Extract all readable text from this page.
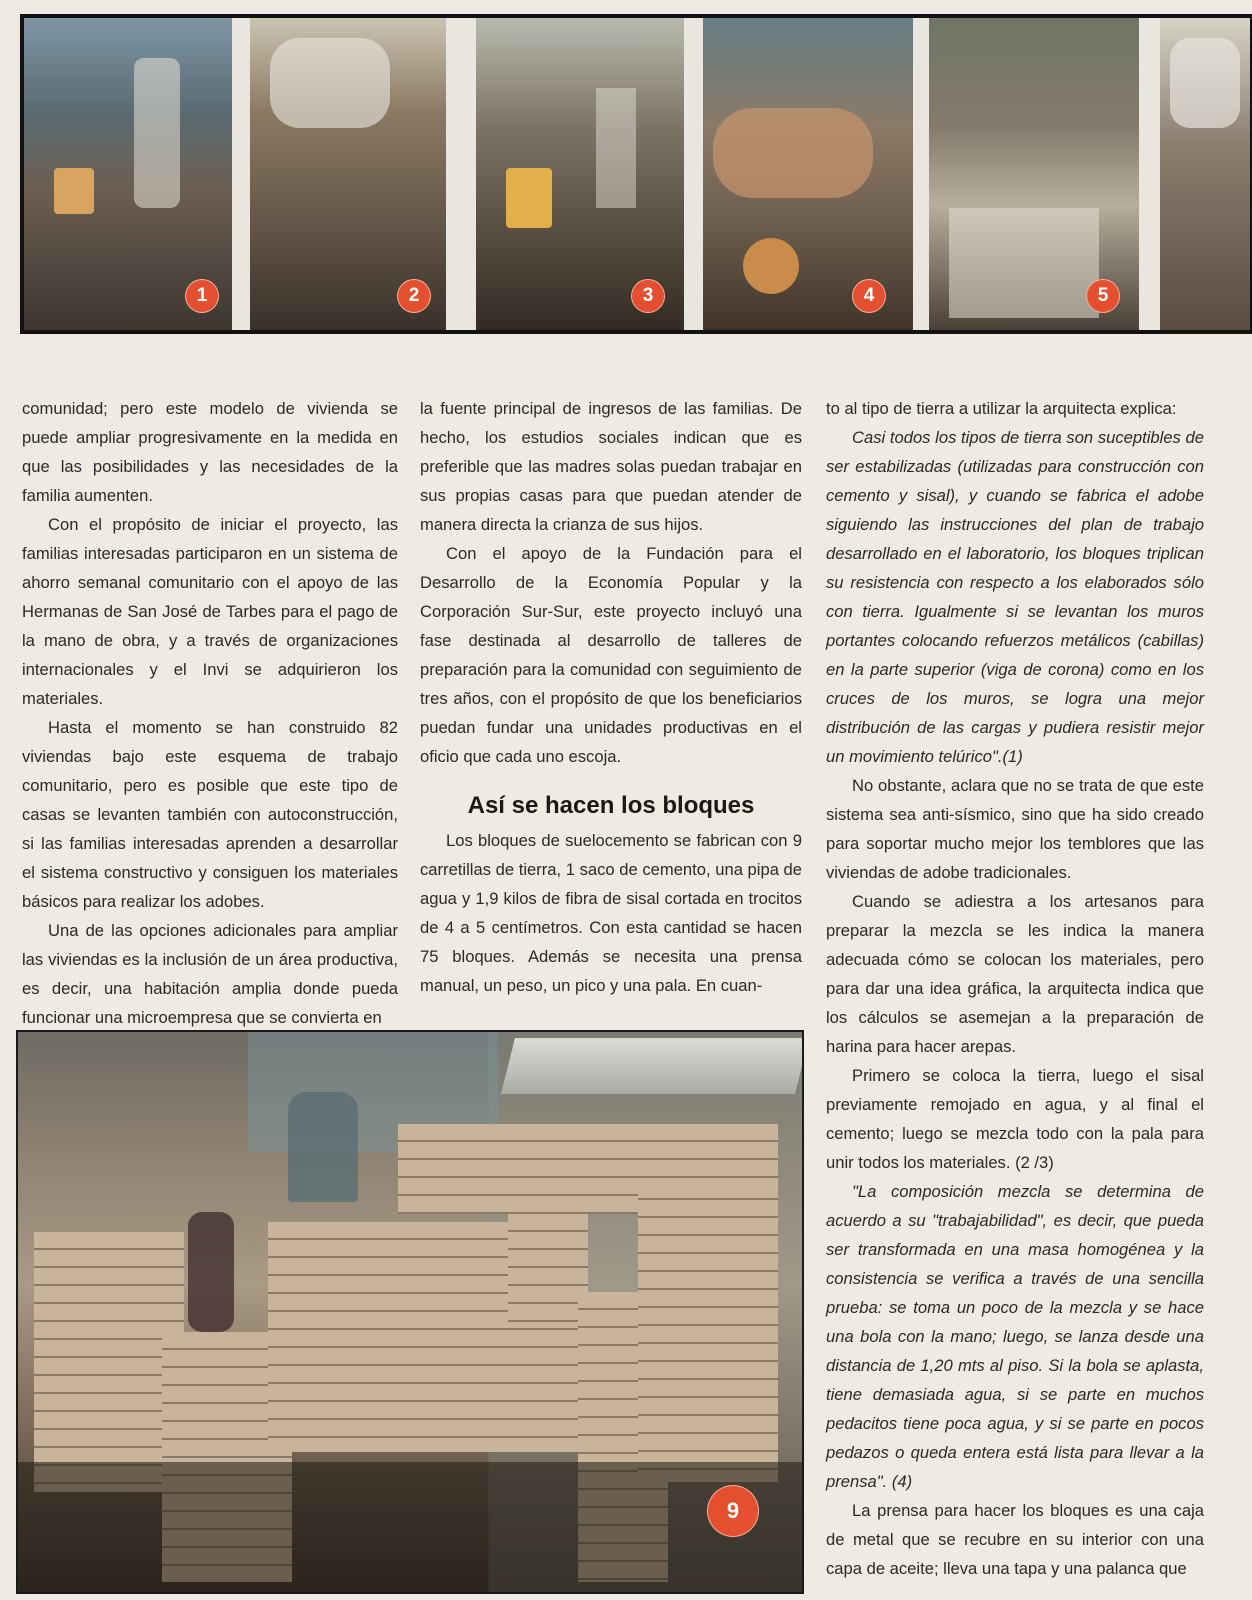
1	2	3	4	5

comunidad; pero este modelo de vivienda se puede ampliar progresivamente en la medida en que las posibilidades y las necesidades de la familia aumenten.

Con el propósito de iniciar el proyecto, las familias interesadas participaron en un sistema de ahorro semanal comunitario con el apoyo de las Hermanas de San José de Tarbes para el pago de la mano de obra, y a través de organizaciones internacionales y el Invi se adquirieron los materiales.

Hasta el momento se han construido 82 viviendas bajo este esquema de trabajo comunitario, pero es posible que este tipo de casas se levanten también con autoconstrucción, si las familias interesadas aprenden a desarrollar el sistema constructivo y consiguen los materiales básicos para realizar los adobes.

Una de las opciones adicionales para ampliar las viviendas es la inclusión de un área productiva, es decir, una habitación amplia donde pueda funcionar una microempresa que se convierta en

la fuente principal de ingresos de las familias. De hecho, los estudios sociales indican que es preferible que las madres solas puedan trabajar en sus propias casas para que puedan atender de manera directa la crianza de sus hijos.

Con el apoyo de la Fundación para el Desarrollo de la Economía Popular y la Corporación Sur-Sur, este proyecto incluyó una fase destinada al desarrollo de talleres de preparación para la comunidad con seguimiento de tres años, con el propósito de que los beneficiarios puedan fundar una unidades productivas en el oficio que cada uno escoja.

Así se hacen los bloques

Los bloques de suelocemento se fabrican con 9 carretillas de tierra, 1 saco de cemento, una pipa de agua y 1,9 kilos de fibra de sisal cortada en trocitos de 4 a 5 centímetros. Con esta cantidad se hacen 75 bloques. Además se necesita una prensa manual, un peso, un pico y una pala. En cuan-

to al tipo de tierra a utilizar la arquitecta explica:

Casi todos los tipos de tierra son suceptibles de ser estabilizadas (utilizadas para construcción con cemento y sisal), y cuando se fabrica el adobe siguiendo las instrucciones del plan de trabajo desarrollado en el laboratorio, los bloques triplican su resistencia con respecto a los elaborados sólo con tierra. Igualmente si se levantan los muros portantes colocando refuerzos metálicos (cabillas) en la parte superior (viga de corona) como en los cruces de los muros, se logra una mejor distribución de las cargas y pudiera resistir mejor un movimiento telúrico".(1)

No obstante, aclara que no se trata de que este sistema sea anti-sísmico, sino que ha sido creado para soportar mucho mejor los temblores que las viviendas de adobe tradicionales.

Cuando se adiestra a los artesanos para preparar la mezcla se les indica la manera adecuada cómo se colocan los materiales, pero para dar una idea gráfica, la arquitecta indica que los cálculos se asemejan a la preparación de harina para hacer arepas.

Primero se coloca la tierra, luego el sisal previamente remojado en agua, y al final el cemento; luego se mezcla todo con la pala para unir todos los materiales. (2 /3)

"La composición mezcla se determina de acuerdo a su "trabajabilidad", es decir, que pueda ser transformada en una masa homogénea y la consistencia se verifica a través de una sencilla prueba: se toma un poco de la mezcla y se hace una bola con la mano; luego, se lanza desde una distancia de 1,20 mts al piso. Si la bola se aplasta, tiene demasiada agua, si se parte en muchos pedacitos tiene poca agua, y si se parte en pocos pedazos o queda entera está lista para llevar a la prensa". (4)

La prensa para hacer los bloques es una caja de metal que se recubre en su interior con una capa de aceite; lleva una tapa y una palanca que

9
